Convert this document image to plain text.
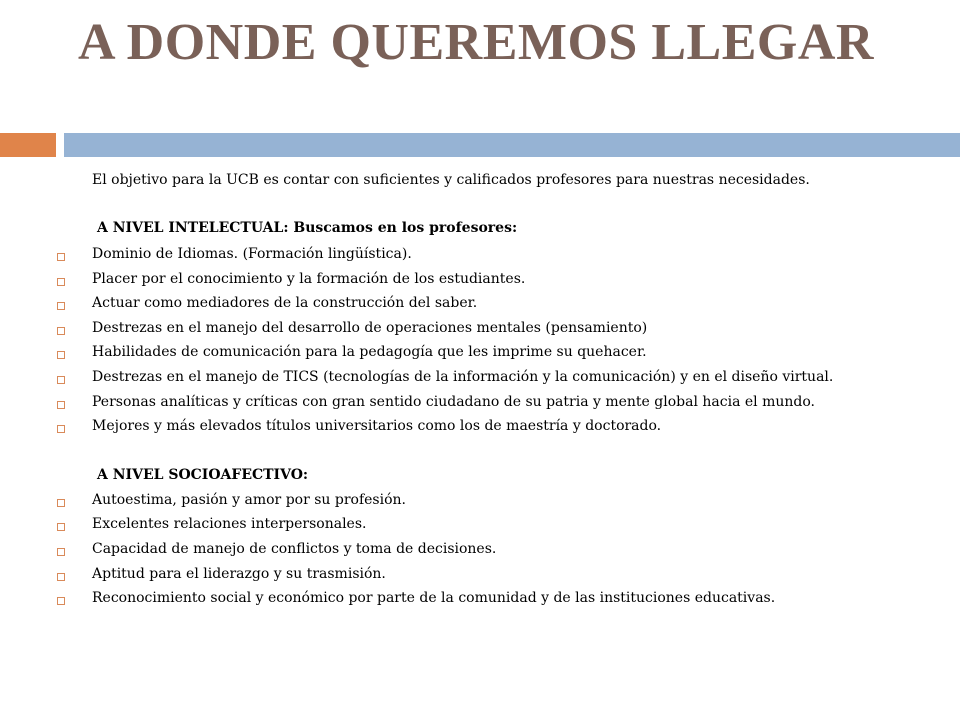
A DONDE QUEREMOS LLEGAR
El objetivo para la UCB es contar con suficientes y calificados profesores para nuestras necesidades.
A NIVEL INTELECTUAL: Buscamos en los profesores:
Dominio de Idiomas. (Formación lingüística).
Placer por el conocimiento y la formación de los estudiantes.
Actuar como mediadores de la construcción del saber.
Destrezas en el manejo del desarrollo de operaciones mentales (pensamiento)
Habilidades de comunicación para la pedagogía que les imprime su quehacer.
Destrezas en el manejo de TICS (tecnologías de la información y la comunicación) y en el diseño virtual.
Personas analíticas y críticas con gran sentido ciudadano de su patria y mente global hacia el mundo.
Mejores y más elevados títulos universitarios como los de maestría y doctorado.
A NIVEL SOCIOAFECTIVO:
Autoestima, pasión y amor por su profesión.
Excelentes relaciones interpersonales.
Capacidad de manejo de conflictos y toma de decisiones.
Aptitud para el liderazgo y su trasmisión.
Reconocimiento social y económico por parte de la comunidad y de las instituciones educativas.
